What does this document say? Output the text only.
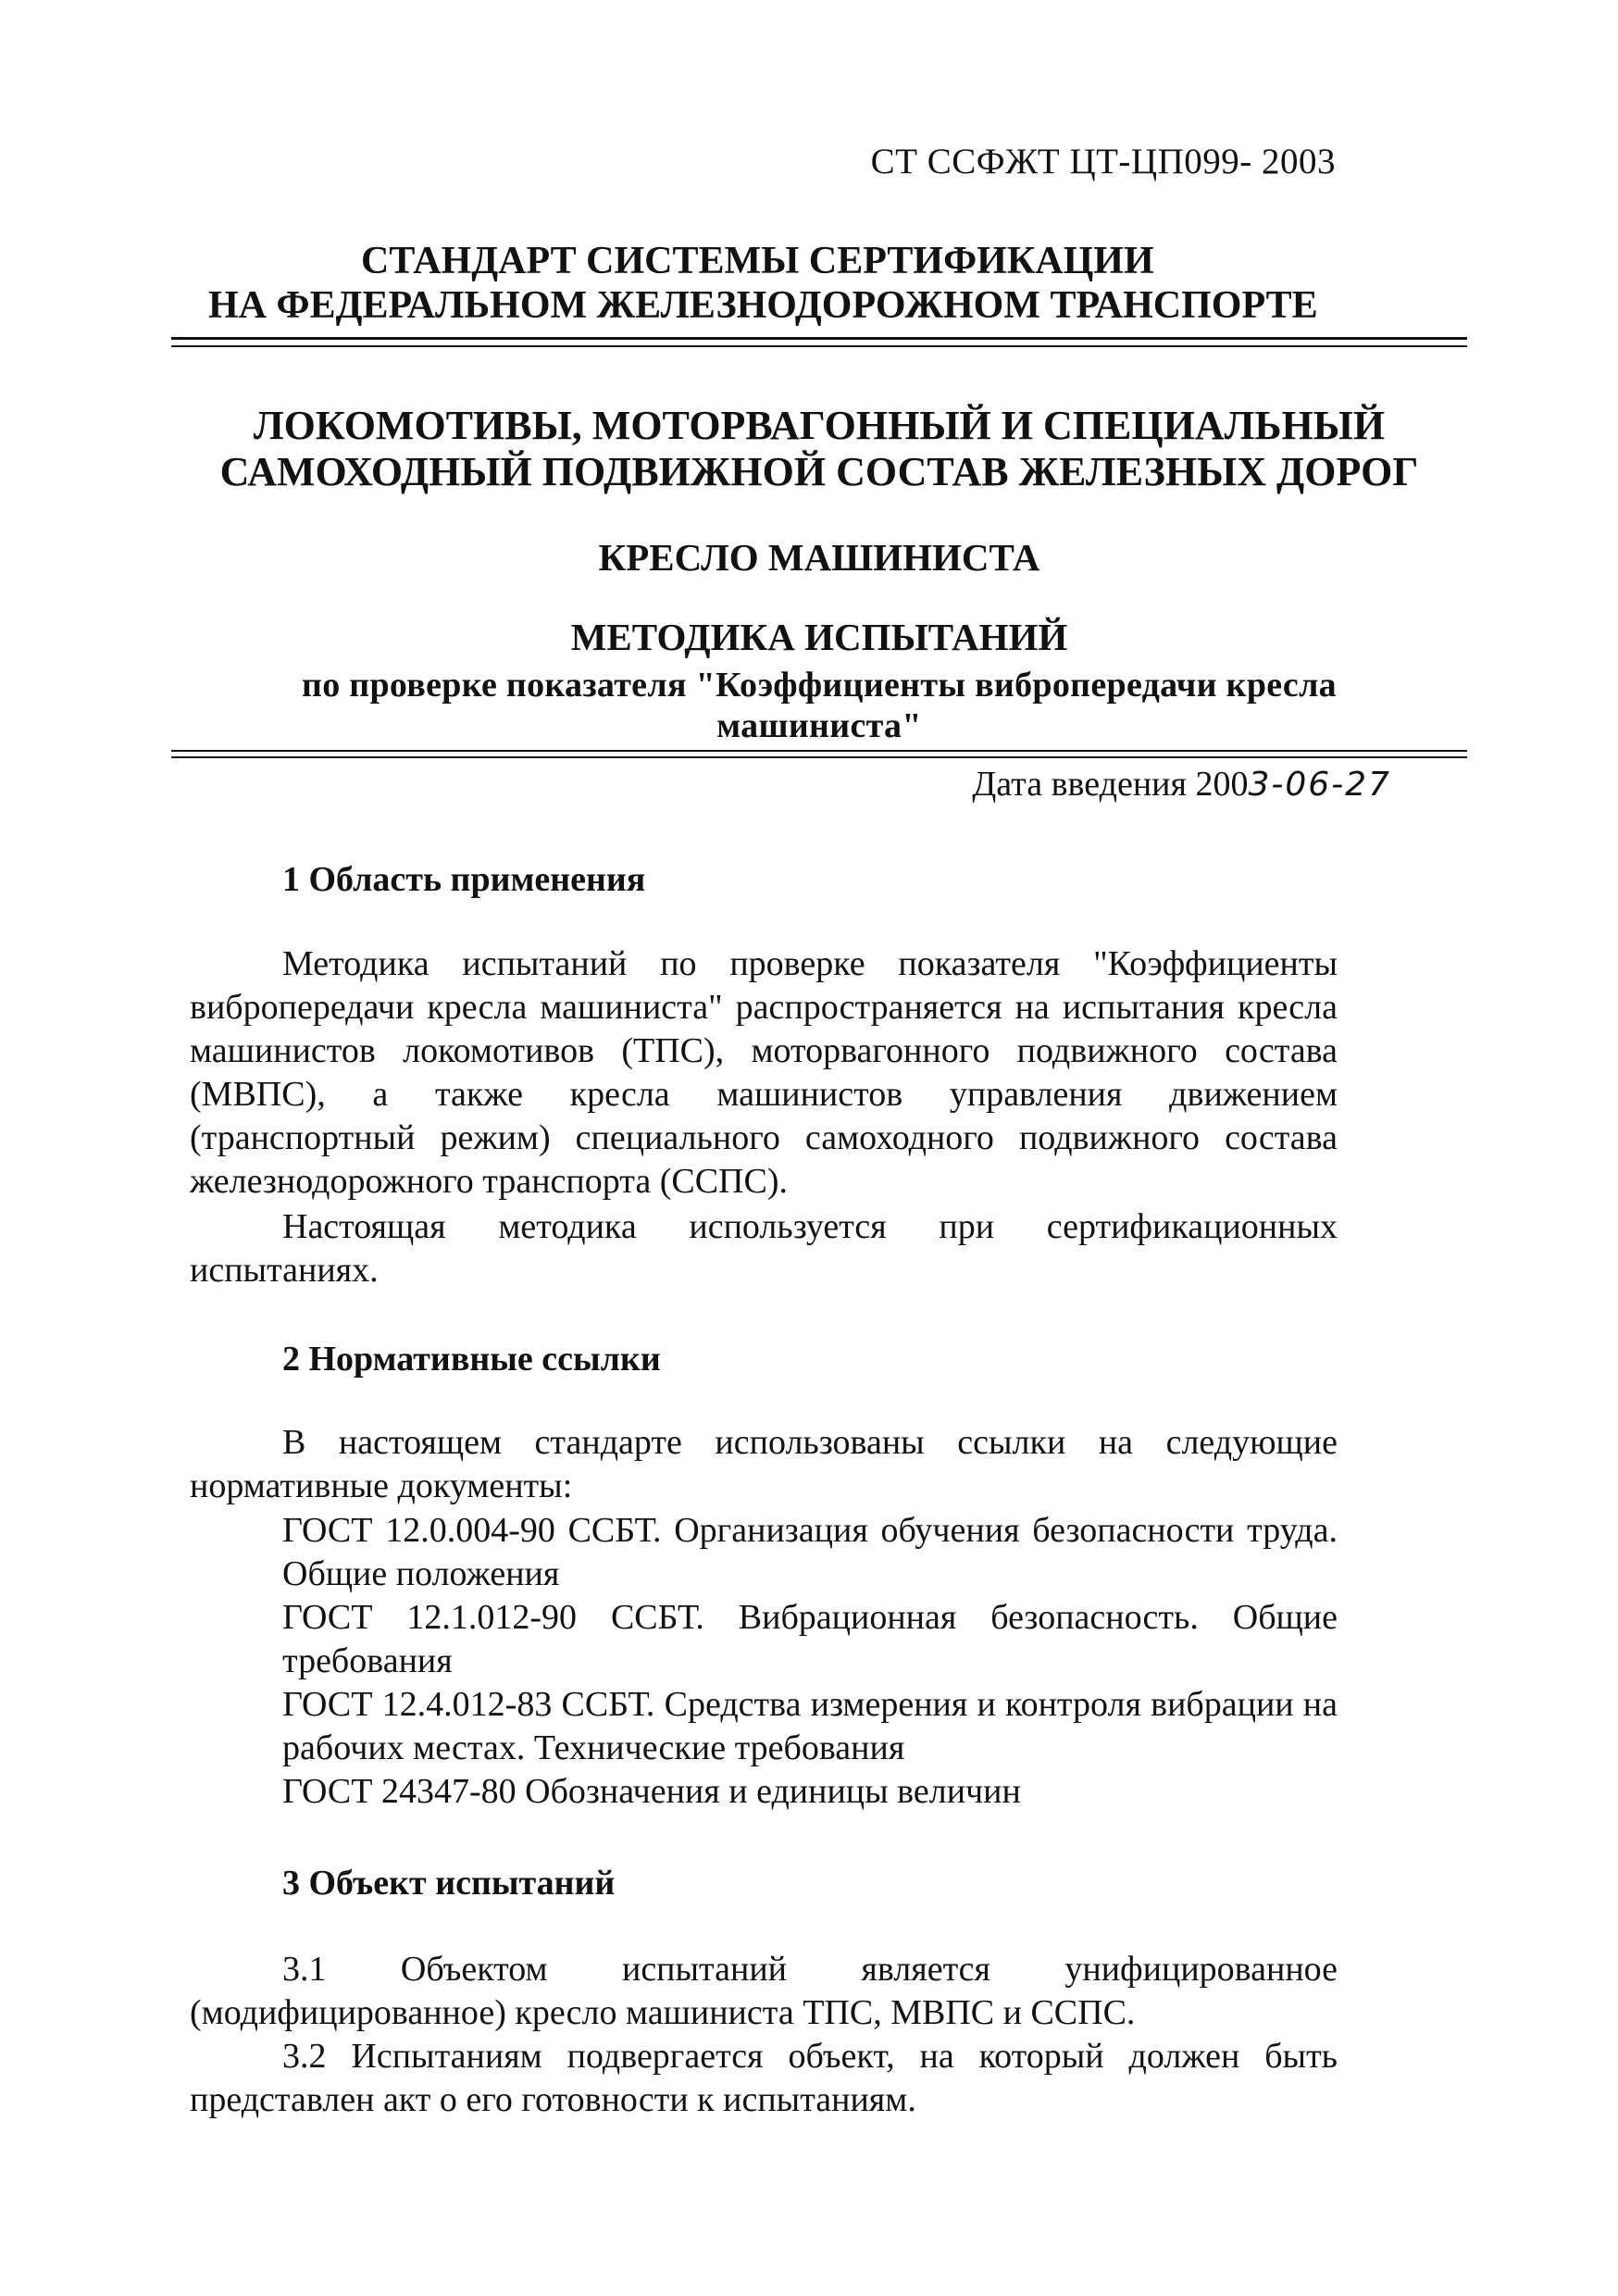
СТ ССФЖТ ЦТ-ЦП099- 2003
СТАНДАРТ СИСТЕМЫ СЕРТИФИКАЦИИ
НА ФЕДЕРАЛЬНОМ ЖЕЛЕЗНОДОРОЖНОМ ТРАНСПОРТЕ
ЛОКОМОТИВЫ, МОТОРВАГОННЫЙ И СПЕЦИАЛЬНЫЙ
САМОХОДНЫЙ ПОДВИЖНОЙ СОСТАВ ЖЕЛЕЗНЫХ ДОРОГ
КРЕСЛО МАШИНИСТА
МЕТОДИКА ИСПЫТАНИЙ
по проверке показателя "Коэффициенты вибропередачи кресла
машиниста"
Дата введения 2003-06-27
1 Область применения
Методика испытаний по проверке показателя "Коэффициенты вибропередачи кресла машиниста" распространяется на испытания кресла машинистов локомотивов (ТПС), моторвагонного подвижного состава (МВПС), а также кресла машинистов управления движением (транспортный режим) специального самоходного подвижного состава железнодорожного транспорта (ССПС).
Настоящая методика используется при сертификационных испытаниях.
2 Нормативные ссылки
В настоящем стандарте использованы ссылки на следующие нормативные документы:
ГОСТ 12.0.004-90 ССБТ. Организация обучения безопасности труда. Общие положения
ГОСТ 12.1.012-90 ССБТ. Вибрационная безопасность. Общие требования
ГОСТ 12.4.012-83 ССБТ. Средства измерения и контроля вибрации на рабочих местах. Технические требования
ГОСТ 24347-80 Обозначения и единицы величин
3 Объект испытаний
3.1 Объектом испытаний является унифицированное (модифицированное) кресло машиниста ТПС, МВПС и ССПС.
3.2 Испытаниям подвергается объект, на который должен быть представлен акт о его готовности к испытаниям.
